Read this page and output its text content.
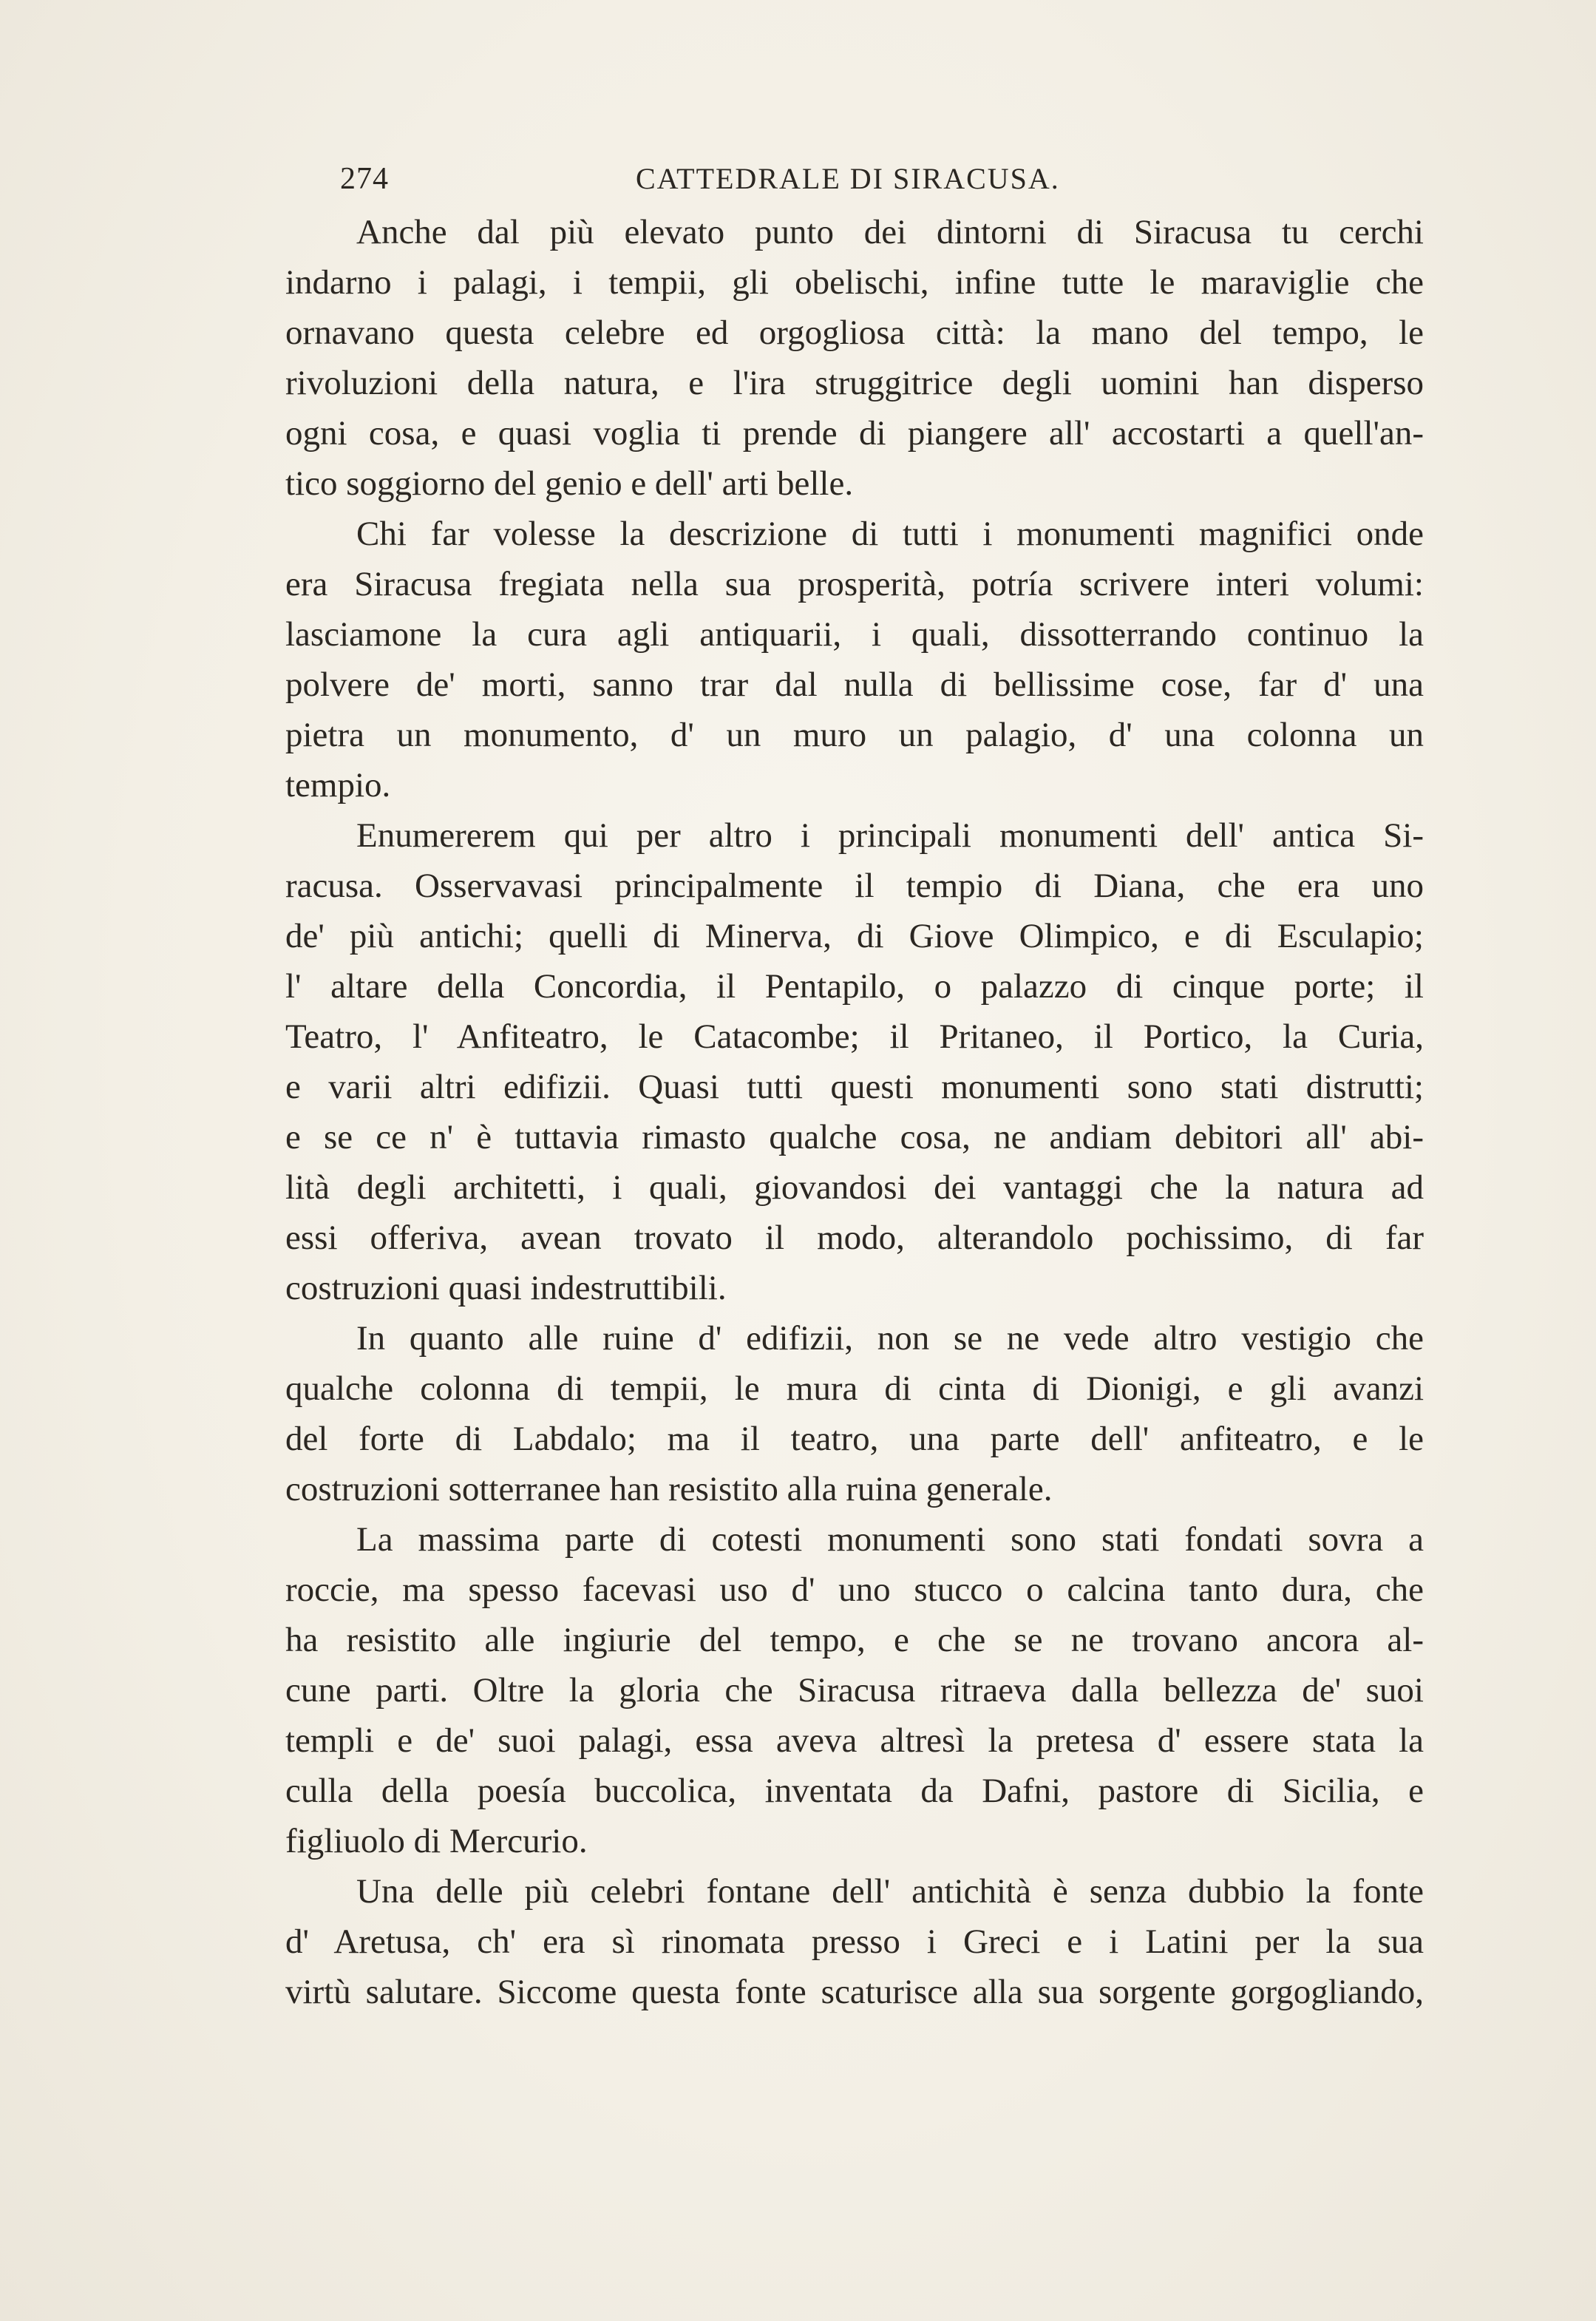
274	CATTEDRALE DI SIRACUSA.
Anche dal più elevato punto dei dintorni di Siracusa tu cerchi
indarno i palagi, i tempii, gli obelischi, infine tutte le maraviglie che
ornavano questa celebre ed orgogliosa città: la mano del tempo, le
rivoluzioni della natura, e l'ira struggitrice degli uomini han disperso
ogni cosa, e quasi voglia ti prende di piangere all' accostarti a quell'an-
tico soggiorno del genio e dell' arti belle.
Chi far volesse la descrizione di tutti i monumenti magnifici onde
era Siracusa fregiata nella sua prosperità, potría scrivere interi volumi:
lasciamone la cura agli antiquarii, i quali, dissotterrando continuo la
polvere de' morti, sanno trar dal nulla di bellissime cose, far d' una
pietra un monumento, d' un muro un palagio, d' una colonna un
tempio.
Enumererem qui per altro i principali monumenti dell' antica Si-
racusa. Osservavasi principalmente il tempio di Diana, che era uno
de' più antichi; quelli di Minerva, di Giove Olimpico, e di Esculapio;
l' altare della Concordia, il Pentapilo, o palazzo di cinque porte; il
Teatro, l' Anfiteatro, le Catacombe; il Pritaneo, il Portico, la Curia,
e varii altri edifizii. Quasi tutti questi monumenti sono stati distrutti;
e se ce n' è tuttavia rimasto qualche cosa, ne andiam debitori all' abi-
lità degli architetti, i quali, giovandosi dei vantaggi che la natura ad
essi offeriva, avean trovato il modo, alterandolo pochissimo, di far
costruzioni quasi indestruttibili.
In quanto alle ruine d' edifizii, non se ne vede altro vestigio che
qualche colonna di tempii, le mura di cinta di Dionigi, e gli avanzi
del forte di Labdalo; ma il teatro, una parte dell' anfiteatro, e le
costruzioni sotterranee han resistito alla ruina generale.
La massima parte di cotesti monumenti sono stati fondati sovra a
roccie, ma spesso facevasi uso d' uno stucco o calcina tanto dura, che
ha resistito alle ingiurie del tempo, e che se ne trovano ancora al-
cune parti. Oltre la gloria che Siracusa ritraeva dalla bellezza de' suoi
templi e de' suoi palagi, essa aveva altresì la pretesa d' essere stata la
culla della poesía buccolica, inventata da Dafni, pastore di Sicilia, e
figliuolo di Mercurio.
Una delle più celebri fontane dell' antichità è senza dubbio la fonte
d' Aretusa, ch' era sì rinomata presso i Greci e i Latini per la sua
virtù salutare. Siccome questa fonte scaturisce alla sua sorgente gorgogliando,
